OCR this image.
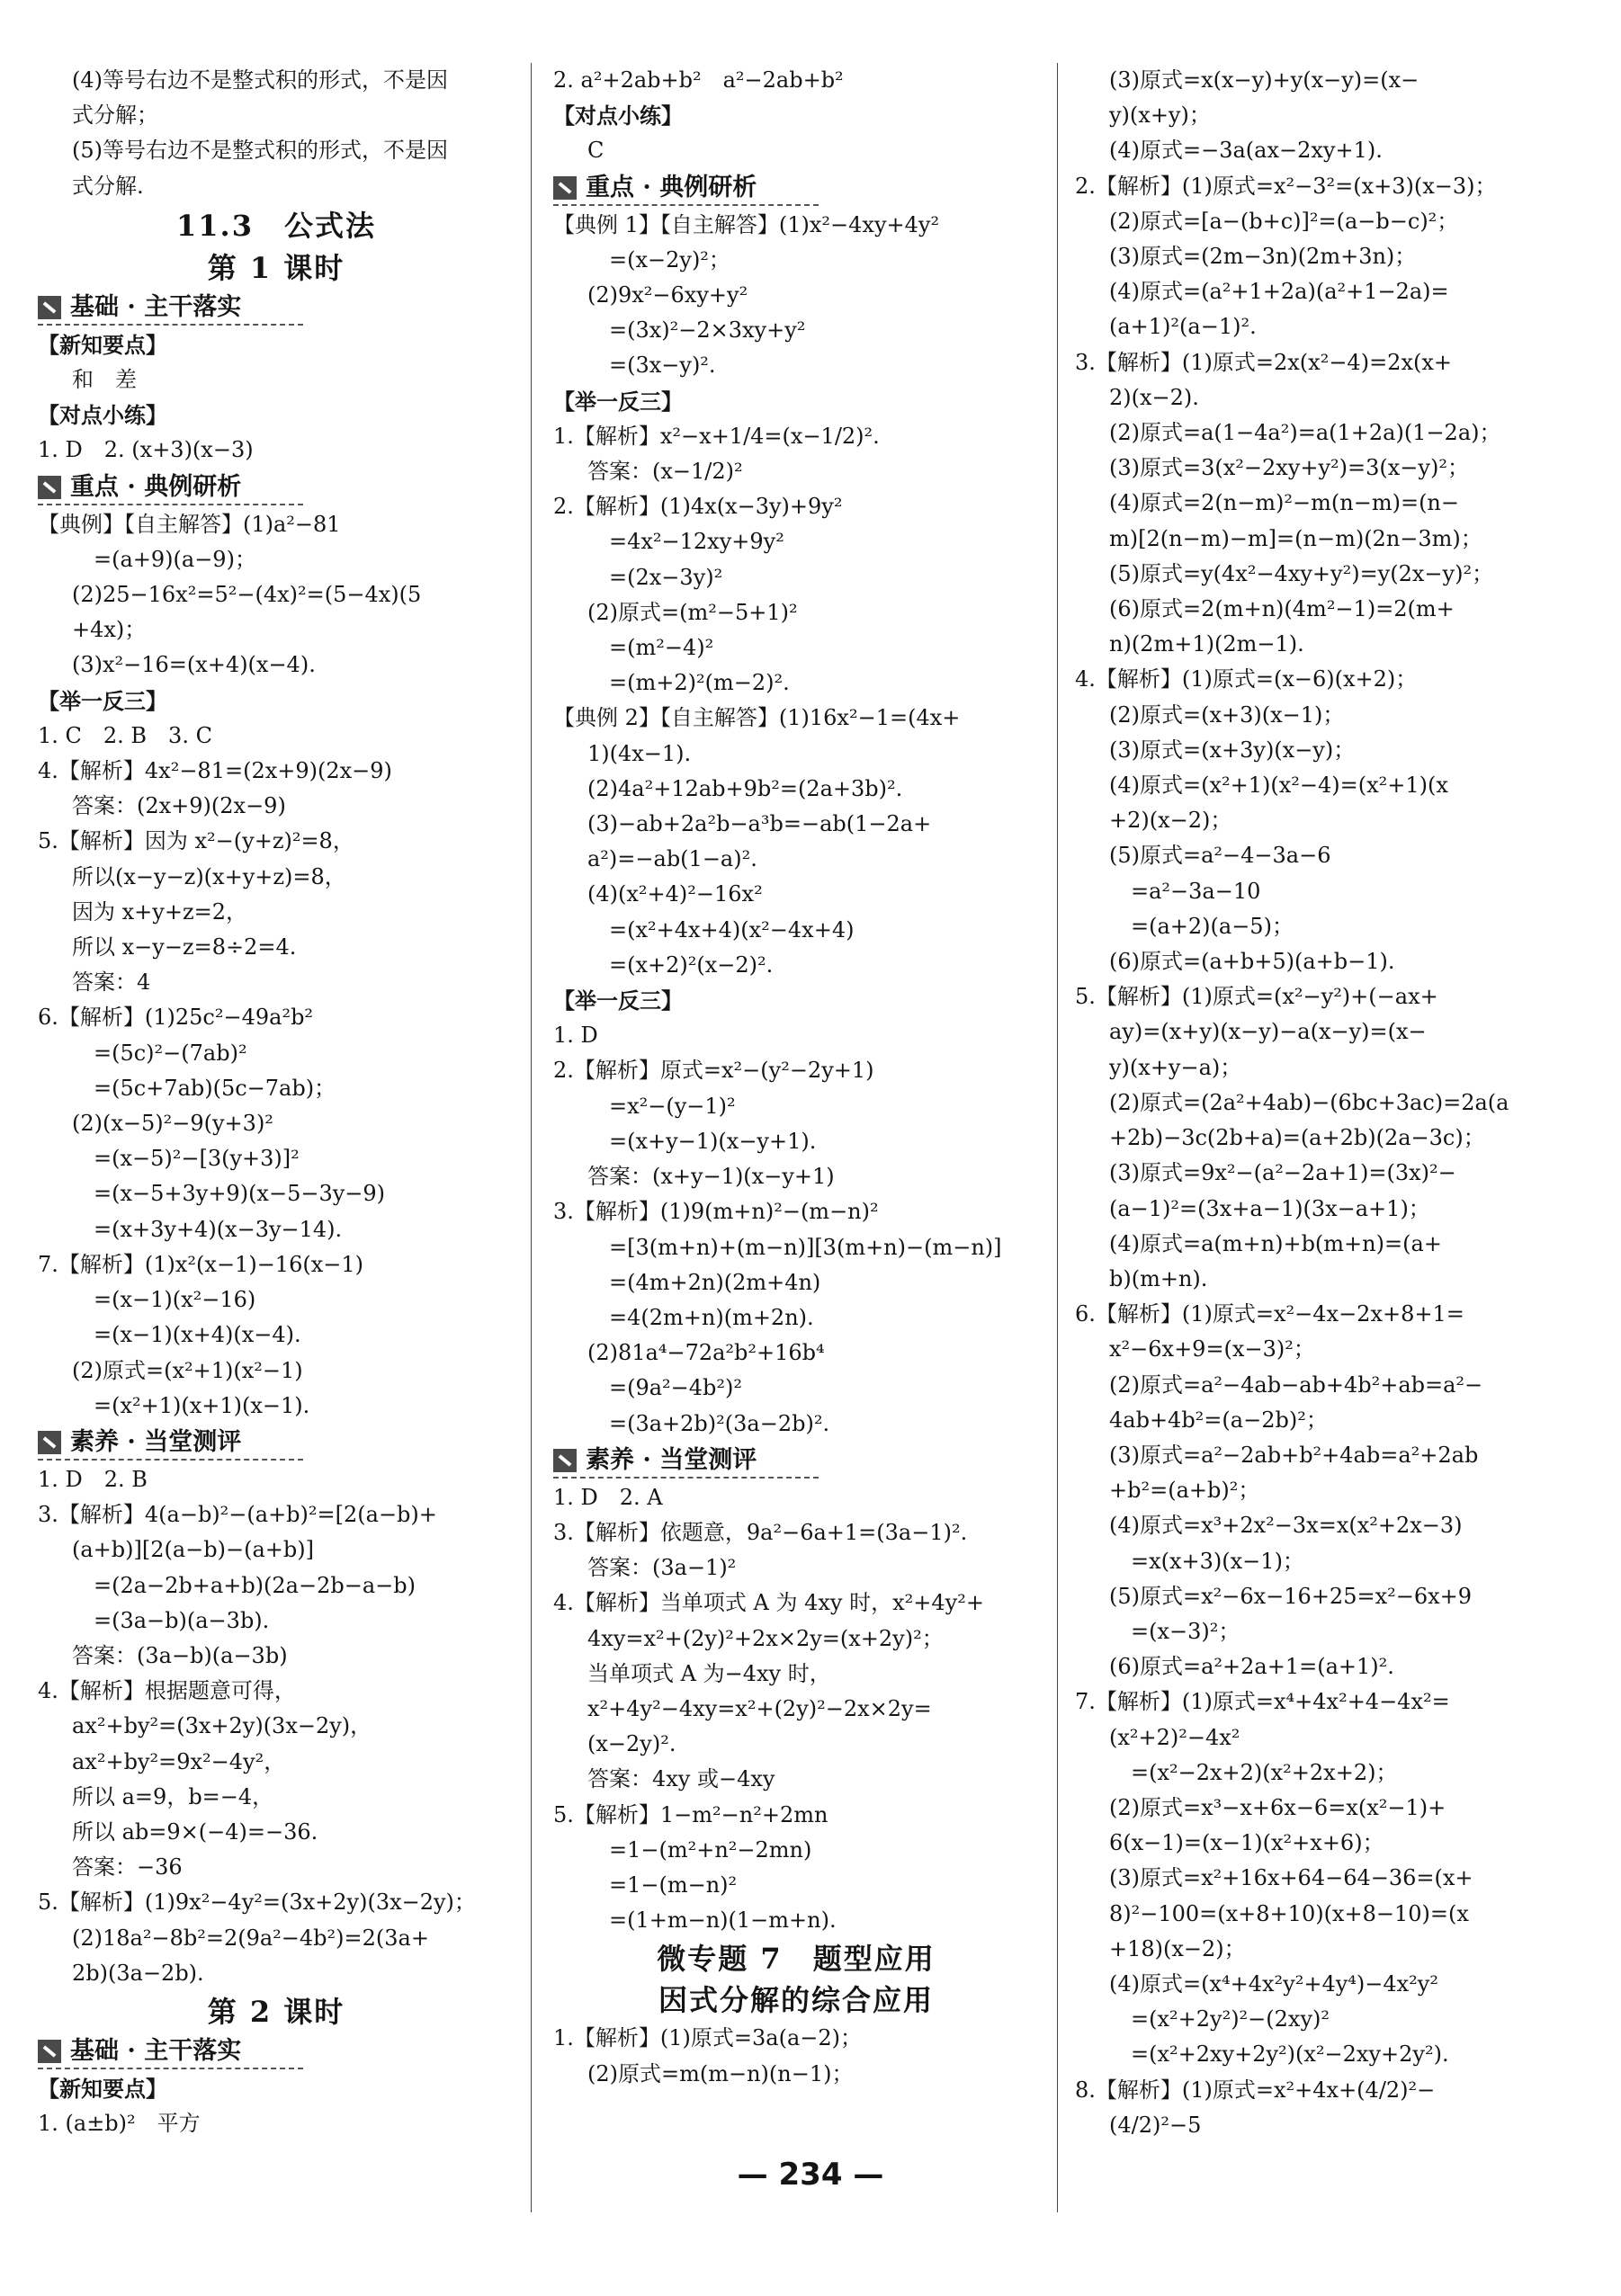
(4)等号右边不是整式积的形式，不是因
式分解；
(5)等号右边不是整式积的形式，不是因
式分解.
11.3　公式法
第 1 课时
基础 · 主干落实
【新知要点】
和　差
【对点小练】
1. D　2. (x+3)(x−3)
重点 · 典例研析
【典例】【自主解答】(1)a²−81
=(a+9)(a−9)；
(2)25−16x²=5²−(4x)²=(5−4x)(5
+4x)；
(3)x²−16=(x+4)(x−4).
【举一反三】
1. C　2. B　3. C
4.【解析】4x²−81=(2x+9)(2x−9)
答案：(2x+9)(2x−9)
5.【解析】因为 x²−(y+z)²=8，
所以(x−y−z)(x+y+z)=8，
因为 x+y+z=2，
所以 x−y−z=8÷2=4.
答案：4
6.【解析】(1)25c²−49a²b²
=(5c)²−(7ab)²
=(5c+7ab)(5c−7ab)；
(2)(x−5)²−9(y+3)²
=(x−5)²−[3(y+3)]²
=(x−5+3y+9)(x−5−3y−9)
=(x+3y+4)(x−3y−14).
7.【解析】(1)x²(x−1)−16(x−1)
=(x−1)(x²−16)
=(x−1)(x+4)(x−4).
(2)原式=(x²+1)(x²−1)
=(x²+1)(x+1)(x−1).
素养 · 当堂测评
1. D　2. B
3.【解析】4(a−b)²−(a+b)²=[2(a−b)+
(a+b)][2(a−b)−(a+b)]
=(2a−2b+a+b)(2a−2b−a−b)
=(3a−b)(a−3b).
答案：(3a−b)(a−3b)
4.【解析】根据题意可得，
ax²+by²=(3x+2y)(3x−2y)，
ax²+by²=9x²−4y²，
所以 a=9，b=−4，
所以 ab=9×(−4)=−36.
答案：−36
5.【解析】(1)9x²−4y²=(3x+2y)(3x−2y)；
(2)18a²−8b²=2(9a²−4b²)=2(3a+
2b)(3a−2b).
第 2 课时
基础 · 主干落实
【新知要点】
1. (a±b)²　平方
2. a²+2ab+b²　a²−2ab+b²
【对点小练】
C
重点 · 典例研析
【典例 1】【自主解答】(1)x²−4xy+4y²
=(x−2y)²；
(2)9x²−6xy+y²
=(3x)²−2×3xy+y²
=(3x−y)².
【举一反三】
1.【解析】x²−x+1/4=(x−1/2)².
答案：(x−1/2)²
2.【解析】(1)4x(x−3y)+9y²
=4x²−12xy+9y²
=(2x−3y)²
(2)原式=(m²−5+1)²
=(m²−4)²
=(m+2)²(m−2)².
【典例 2】【自主解答】(1)16x²−1=(4x+
1)(4x−1).
(2)4a²+12ab+9b²=(2a+3b)².
(3)−ab+2a²b−a³b=−ab(1−2a+
a²)=−ab(1−a)².
(4)(x²+4)²−16x²
=(x²+4x+4)(x²−4x+4)
=(x+2)²(x−2)².
【举一反三】
1. D
2.【解析】原式=x²−(y²−2y+1)
=x²−(y−1)²
=(x+y−1)(x−y+1).
答案：(x+y−1)(x−y+1)
3.【解析】(1)9(m+n)²−(m−n)²
=[3(m+n)+(m−n)][3(m+n)−(m−n)]
=(4m+2n)(2m+4n)
=4(2m+n)(m+2n).
(2)81a⁴−72a²b²+16b⁴
=(9a²−4b²)²
=(3a+2b)²(3a−2b)².
素养 · 当堂测评
1. D　2. A
3.【解析】依题意，9a²−6a+1=(3a−1)².
答案：(3a−1)²
4.【解析】当单项式 A 为 4xy 时，x²+4y²+
4xy=x²+(2y)²+2x×2y=(x+2y)²；
当单项式 A 为−4xy 时，
x²+4y²−4xy=x²+(2y)²−2x×2y=
(x−2y)².
答案：4xy 或−4xy
5.【解析】1−m²−n²+2mn
=1−(m²+n²−2mn)
=1−(m−n)²
=(1+m−n)(1−m+n).
微专题 7　题型应用
因式分解的综合应用
1.【解析】(1)原式=3a(a−2)；
(2)原式=m(m−n)(n−1)；
(3)原式=x(x−y)+y(x−y)=(x−
y)(x+y)；
(4)原式=−3a(ax−2xy+1).
2.【解析】(1)原式=x²−3²=(x+3)(x−3)；
(2)原式=[a−(b+c)]²=(a−b−c)²；
(3)原式=(2m−3n)(2m+3n)；
(4)原式=(a²+1+2a)(a²+1−2a)=
(a+1)²(a−1)².
3.【解析】(1)原式=2x(x²−4)=2x(x+
2)(x−2).
(2)原式=a(1−4a²)=a(1+2a)(1−2a)；
(3)原式=3(x²−2xy+y²)=3(x−y)²；
(4)原式=2(n−m)²−m(n−m)=(n−
m)[2(n−m)−m]=(n−m)(2n−3m)；
(5)原式=y(4x²−4xy+y²)=y(2x−y)²；
(6)原式=2(m+n)(4m²−1)=2(m+
n)(2m+1)(2m−1).
4.【解析】(1)原式=(x−6)(x+2)；
(2)原式=(x+3)(x−1)；
(3)原式=(x+3y)(x−y)；
(4)原式=(x²+1)(x²−4)=(x²+1)(x
+2)(x−2)；
(5)原式=a²−4−3a−6
=a²−3a−10
=(a+2)(a−5)；
(6)原式=(a+b+5)(a+b−1).
5.【解析】(1)原式=(x²−y²)+(−ax+
ay)=(x+y)(x−y)−a(x−y)=(x−
y)(x+y−a)；
(2)原式=(2a²+4ab)−(6bc+3ac)=2a(a
+2b)−3c(2b+a)=(a+2b)(2a−3c)；
(3)原式=9x²−(a²−2a+1)=(3x)²−
(a−1)²=(3x+a−1)(3x−a+1)；
(4)原式=a(m+n)+b(m+n)=(a+
b)(m+n).
6.【解析】(1)原式=x²−4x−2x+8+1=
x²−6x+9=(x−3)²；
(2)原式=a²−4ab−ab+4b²+ab=a²−
4ab+4b²=(a−2b)²；
(3)原式=a²−2ab+b²+4ab=a²+2ab
+b²=(a+b)²；
(4)原式=x³+2x²−3x=x(x²+2x−3)
=x(x+3)(x−1)；
(5)原式=x²−6x−16+25=x²−6x+9
=(x−3)²；
(6)原式=a²+2a+1=(a+1)².
7.【解析】(1)原式=x⁴+4x²+4−4x²=
(x²+2)²−4x²
=(x²−2x+2)(x²+2x+2)；
(2)原式=x³−x+6x−6=x(x²−1)+
6(x−1)=(x−1)(x²+x+6)；
(3)原式=x²+16x+64−64−36=(x+
8)²−100=(x+8+10)(x+8−10)=(x
+18)(x−2)；
(4)原式=(x⁴+4x²y²+4y⁴)−4x²y²
=(x²+2y²)²−(2xy)²
=(x²+2xy+2y²)(x²−2xy+2y²).
8.【解析】(1)原式=x²+4x+(4/2)²−
(4/2)²−5
— 234 —
